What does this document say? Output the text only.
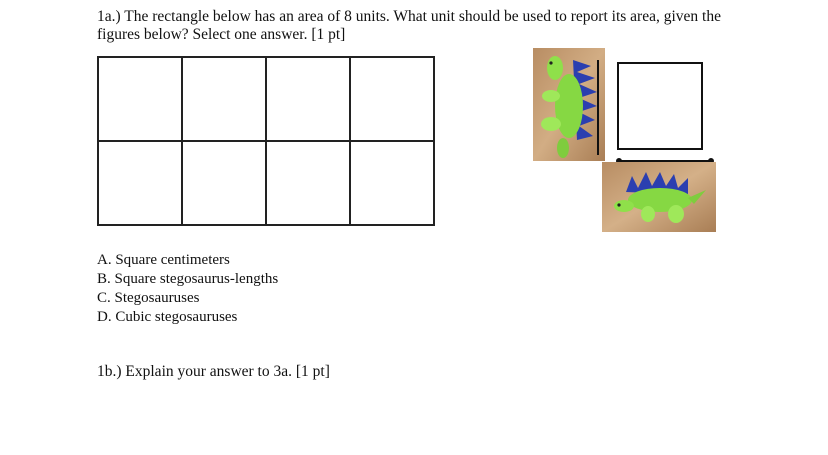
1a.) The rectangle below has an area of 8 units. What unit should be used to report its area, given the figures below? Select one answer. [1 pt]

A. Square centimeters
B. Square stegosaurus-lengths
C. Stegosauruses
D. Cubic stegosauruses

1b.) Explain your answer to 3a. [1 pt]
